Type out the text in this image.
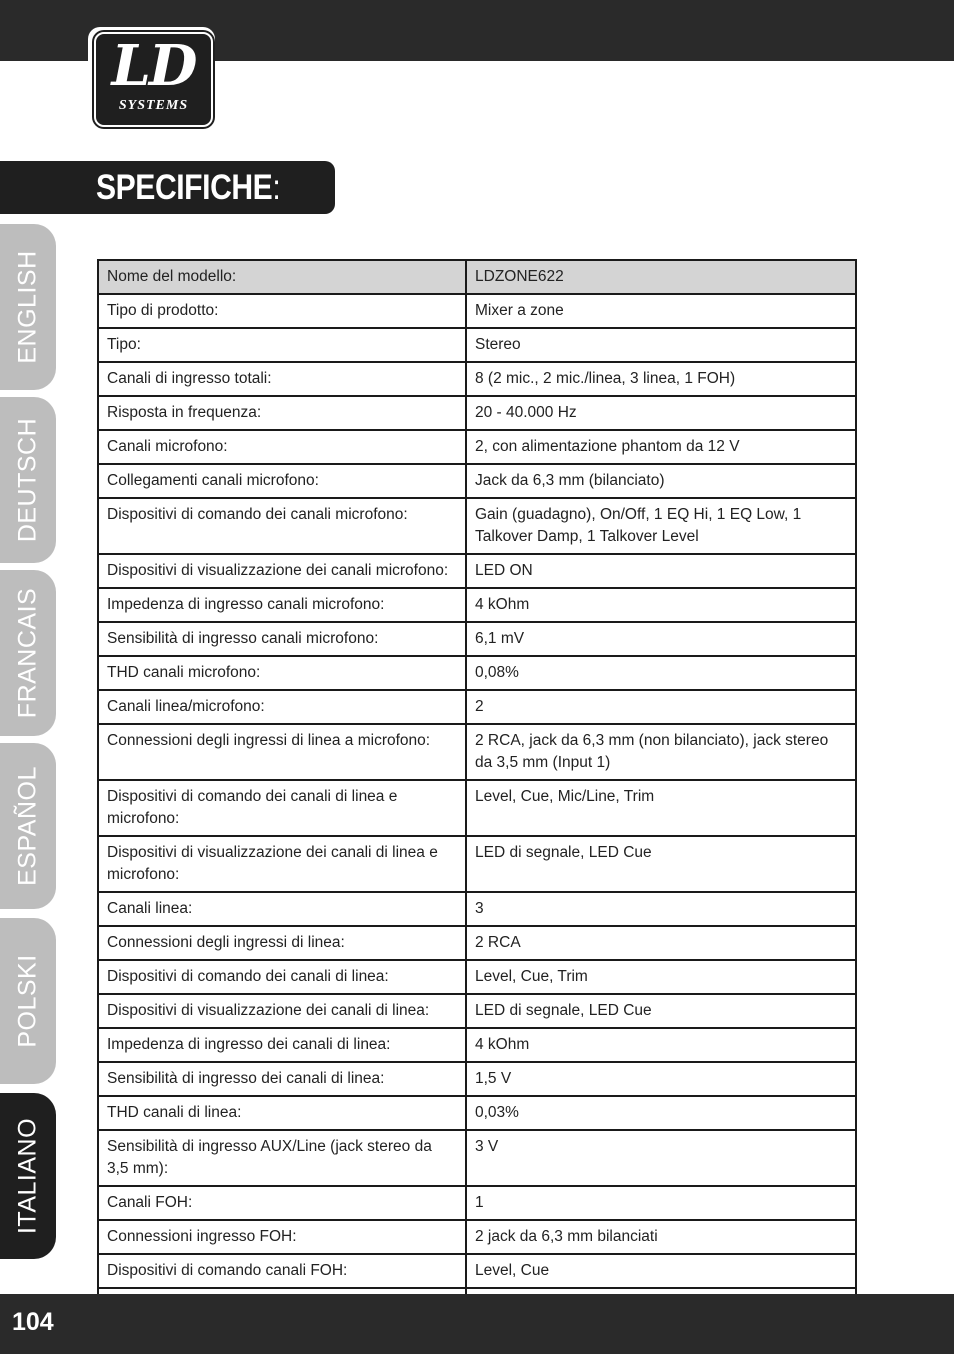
LD
SYSTEMS
SPECIFICHE:
ENGLISH
DEUTSCH
FRANCAIS
ESPAÑOL
POLSKI
ITALIANO
Nome del modello:	LDZONE622
Tipo di prodotto:	Mixer a zone
Tipo:	Stereo
Canali di ingresso totali:	8 (2 mic., 2 mic./linea, 3 linea, 1 FOH)
Risposta in frequenza:	20 - 40.000 Hz
Canali microfono:	2, con alimentazione phantom da 12 V
Collegamenti canali microfono:	Jack da 6,3 mm (bilanciato)
Dispositivi di comando dei canali microfono:	Gain (guadagno), On/Off, 1 EQ Hi, 1 EQ Low, 1 Talkover Damp, 1 Talkover Level
Dispositivi di visualizzazione dei canali microfono:	LED ON
Impedenza di ingresso canali microfono:	4 kOhm
Sensibilità di ingresso canali microfono:	6,1 mV
THD canali microfono:	0,08%
Canali linea/microfono:	2
Connessioni degli ingressi di linea a microfono:	2 RCA, jack da 6,3 mm (non bilanciato), jack stereo da 3,5 mm (Input 1)
Dispositivi di comando dei canali di linea e microfono:	Level, Cue, Mic/Line, Trim
Dispositivi di visualizzazione dei canali di linea e microfono:	LED di segnale, LED Cue
Canali linea:	3
Connessioni degli ingressi di linea:	2 RCA
Dispositivi di comando dei canali di linea:	Level, Cue, Trim
Dispositivi di visualizzazione dei canali di linea:	LED di segnale, LED Cue
Impedenza di ingresso dei canali di linea:	4 kOhm
Sensibilità di ingresso dei canali di linea:	1,5 V
THD canali di linea:	0,03%
Sensibilità di ingresso AUX/Line (jack stereo da 3,5 mm):	3 V
Canali FOH:	1
Connessioni ingresso FOH:	2 jack da 6,3 mm bilanciati
Dispositivi di comando canali FOH:	Level, Cue

104
